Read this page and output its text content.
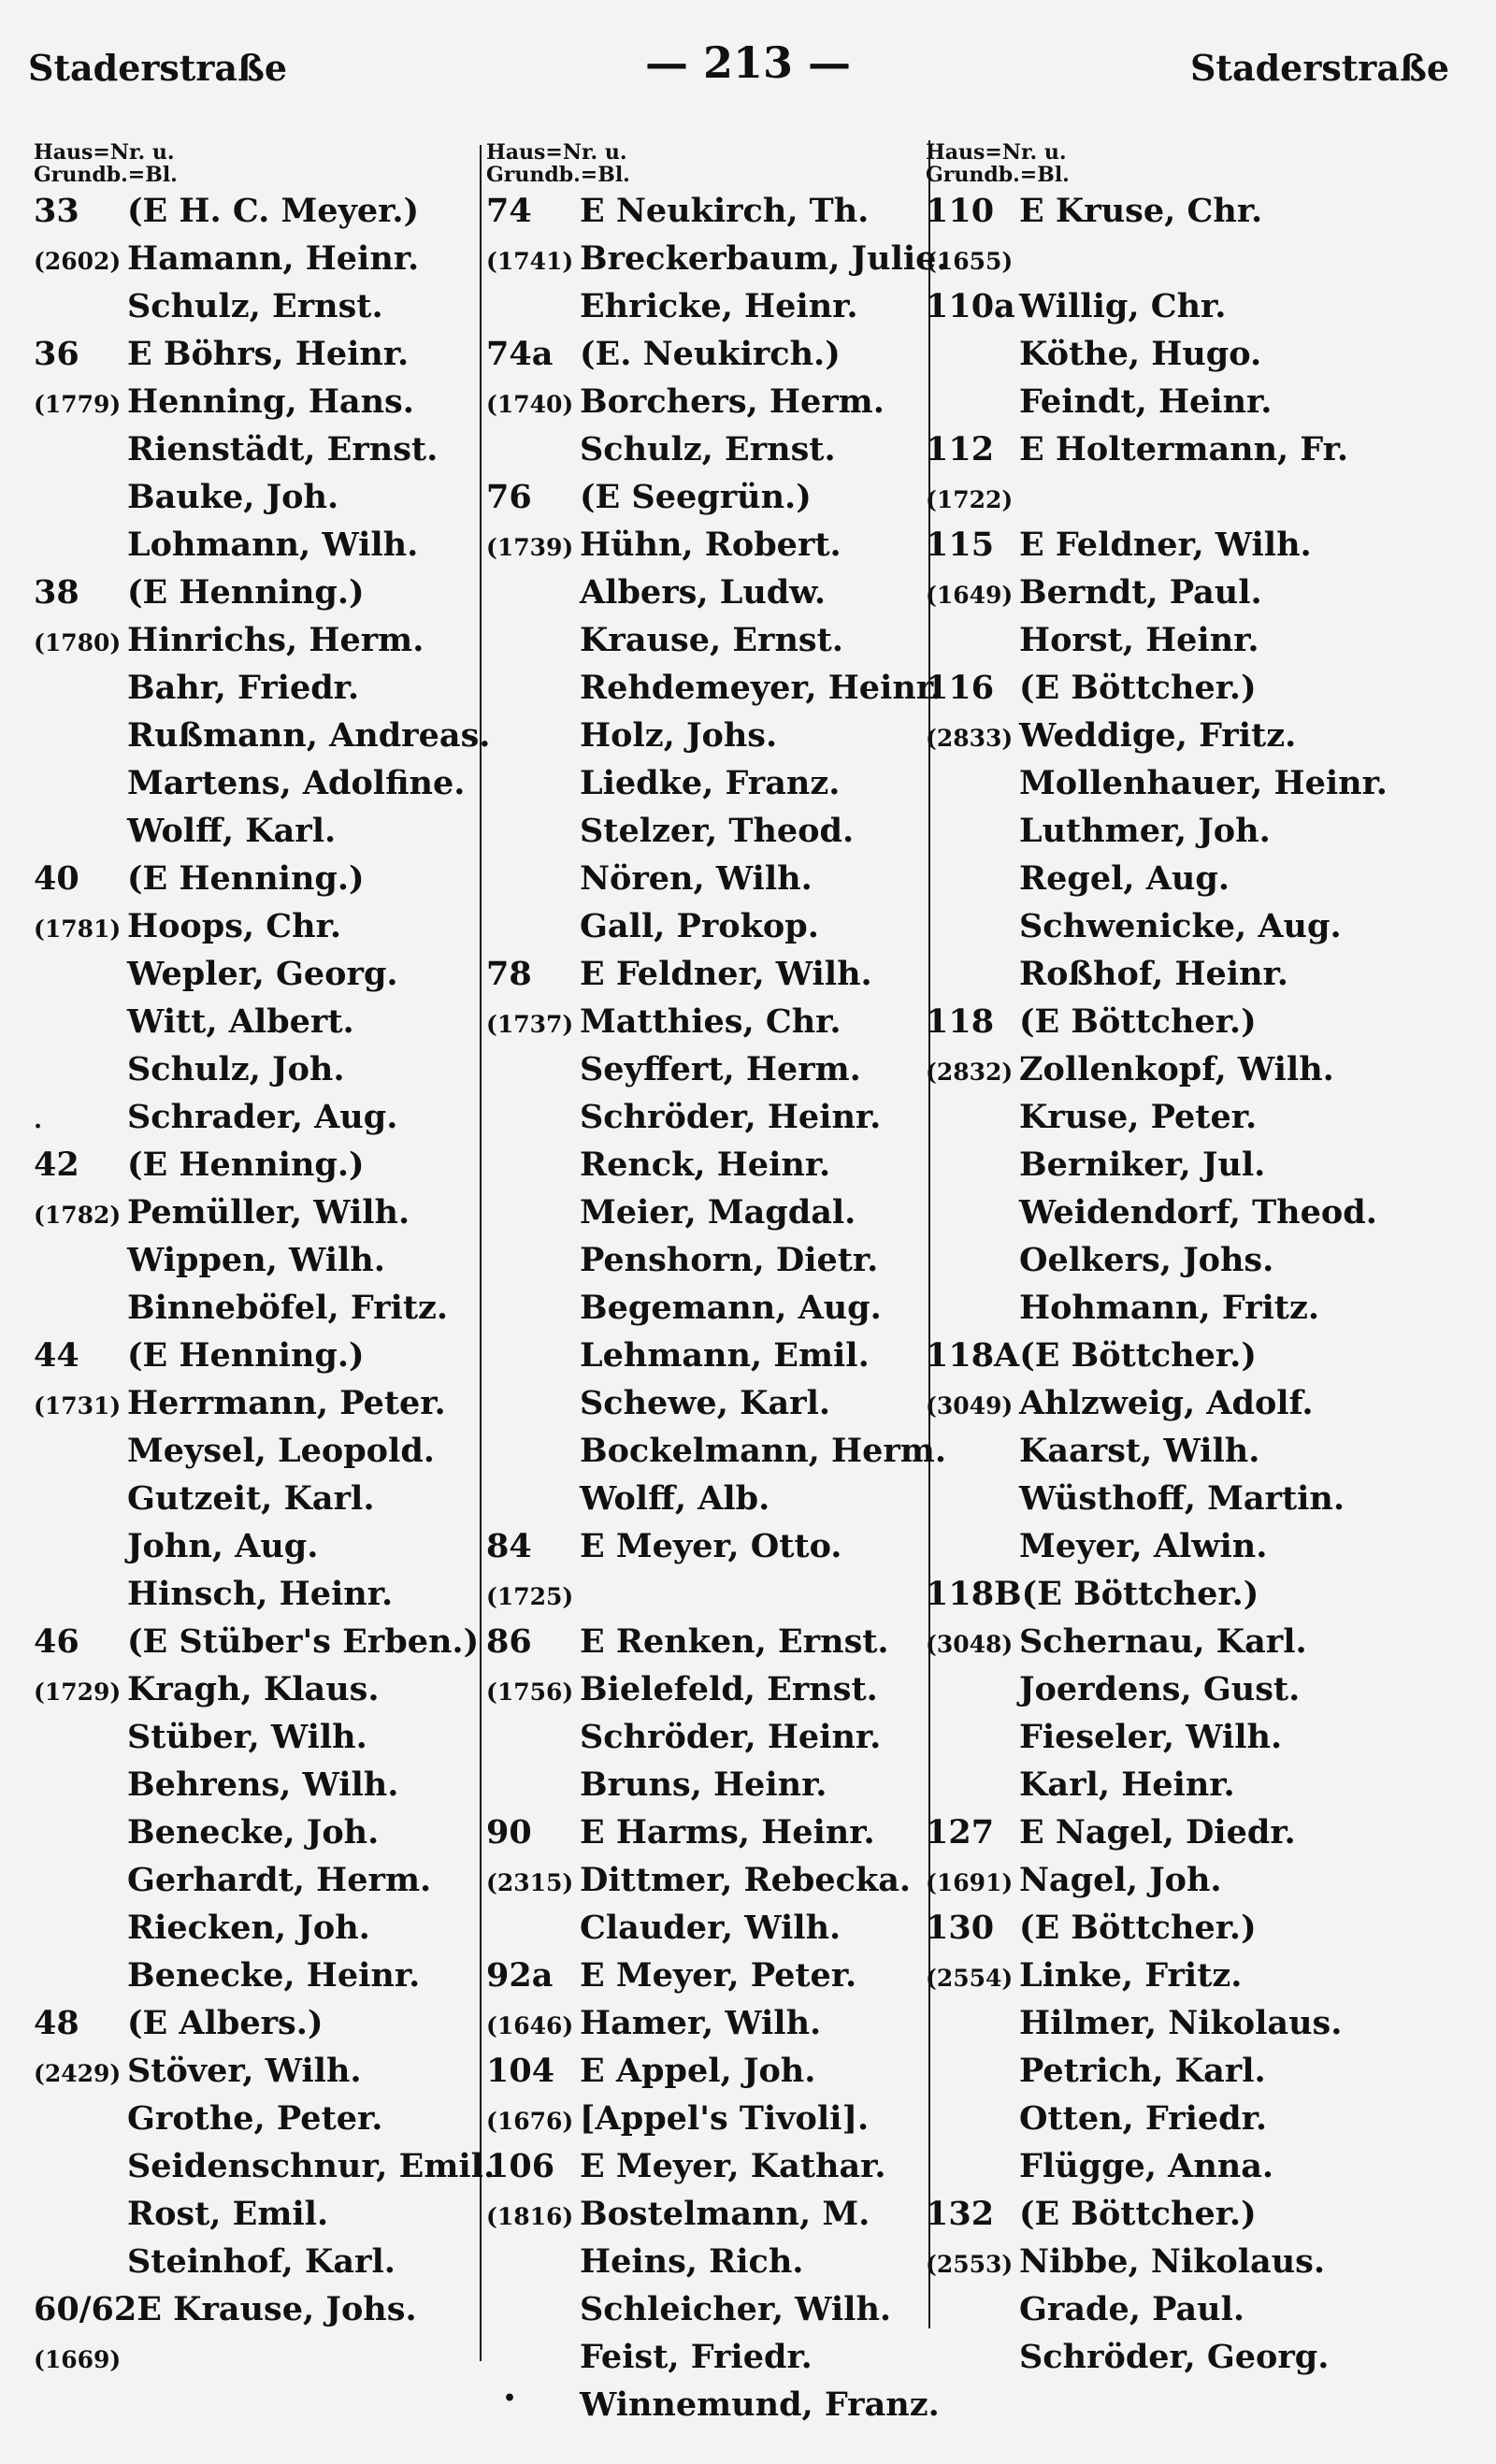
Staderstraße	— 213 —	Staderstraße
Haus=Nr. u.
Grundb.=Bl.
33 (E H. C. Meyer.)
(2602) Hamann, Heinr.
Schulz, Ernst.
36 E Böhrs, Heinr.
(1779) Henning, Hans.
Rienstädt, Ernst.
Bauke, Joh.
Lohmann, Wilh.
38 (E Henning.)
(1780) Hinrichs, Herm.
Bahr, Friedr.
Rußmann, Andreas.
Martens, Adolfine.
Wolff, Karl.
40 (E Henning.)
(1781) Hoops, Chr.
Wepler, Georg.
Witt, Albert.
Schulz, Joh.
.	Schrader, Aug.
42 (E Henning.)
(1782) Pemüller, Wilh.
Wippen, Wilh.
Binneböfel, Fritz.
44 (E Henning.)
(1731) Herrmann, Peter.
Meysel, Leopold.
Gutzeit, Karl.
John, Aug.
Hinsch, Heinr.
46 (E Stüber's Erben.)
(1729) Kragh, Klaus.
Stüber, Wilh.
Behrens, Wilh.
Benecke, Joh.
Gerhardt, Herm.
Riecken, Joh.
Benecke, Heinr.
48 (E Albers.)
(2429) Stöver, Wilh.
Grothe, Peter.
Seidenschnur, Emil.
Rost, Emil.
Steinhof, Karl.
60/62E Krause, Johs.
(1669)
Haus=Nr. u.
Grundb.=Bl.
74 E Neukirch, Th.
(1741) Breckerbaum, Julie.
Ehricke, Heinr.
74a (E. Neukirch.)
(1740) Borchers, Herm.
Schulz, Ernst.
76 (E Seegrün.)
(1739) Hühn, Robert.
Albers, Ludw.
Krause, Ernst.
Rehdemeyer, Heinr.
Holz, Johs.
Liedke, Franz.
Stelzer, Theod.
Nören, Wilh.
Gall, Prokop.
78 E Feldner, Wilh.
(1737) Matthies, Chr.
Seyffert, Herm.
Schröder, Heinr.
Renck, Heinr.
Meier, Magdal.
Penshorn, Dietr.
Begemann, Aug.
Lehmann, Emil.
Schewe, Karl.
Bockelmann, Herm.
Wolff, Alb.
84 E Meyer, Otto.
(1725)
86 E Renken, Ernst.
(1756) Bielefeld, Ernst.
Schröder, Heinr.
Bruns, Heinr.
90 E Harms, Heinr.
(2315) Dittmer, Rebecka.
Clauder, Wilh.
92a E Meyer, Peter.
(1646) Hamer, Wilh.
104 E Appel, Joh.
(1676) [Appel's Tivoli].
106 E Meyer, Kathar.
(1816) Bostelmann, M.
Heins, Rich.
Schleicher, Wilh.
Feist, Friedr.
Winnemund, Franz.
Haus=Nr. u.
Grundb.=Bl.
110 E Kruse, Chr.
(1655)
110a Willig, Chr.
Köthe, Hugo.
Feindt, Heinr.
112 E Holtermann, Fr.
(1722)
115 E Feldner, Wilh.
(1649) Berndt, Paul.
Horst, Heinr.
116 (E Böttcher.)
(2833) Weddige, Fritz.
Mollenhauer, Heinr.
Luthmer, Joh.
Regel, Aug.
Schwenicke, Aug.
Roßhof, Heinr.
118 (E Böttcher.)
(2832) Zollenkopf, Wilh.
Kruse, Peter.
Berniker, Jul.
Weidendorf, Theod.
Oelkers, Johs.
Hohmann, Fritz.
118A(E Böttcher.)
(3049) Ahlzweig, Adolf.
Kaarst, Wilh.
Wüsthoff, Martin.
Meyer, Alwin.
118B(E Böttcher.)
(3048) Schernau, Karl.
Joerdens, Gust.
Fieseler, Wilh.
Karl, Heinr.
127 E Nagel, Diedr.
(1691) Nagel, Joh.
130 (E Böttcher.)
(2554) Linke, Fritz.
Hilmer, Nikolaus.
Petrich, Karl.
Otten, Friedr.
Flügge, Anna.
132 (E Böttcher.)
(2553) Nibbe, Nikolaus.
Grade, Paul.
Schröder, Georg.
•
